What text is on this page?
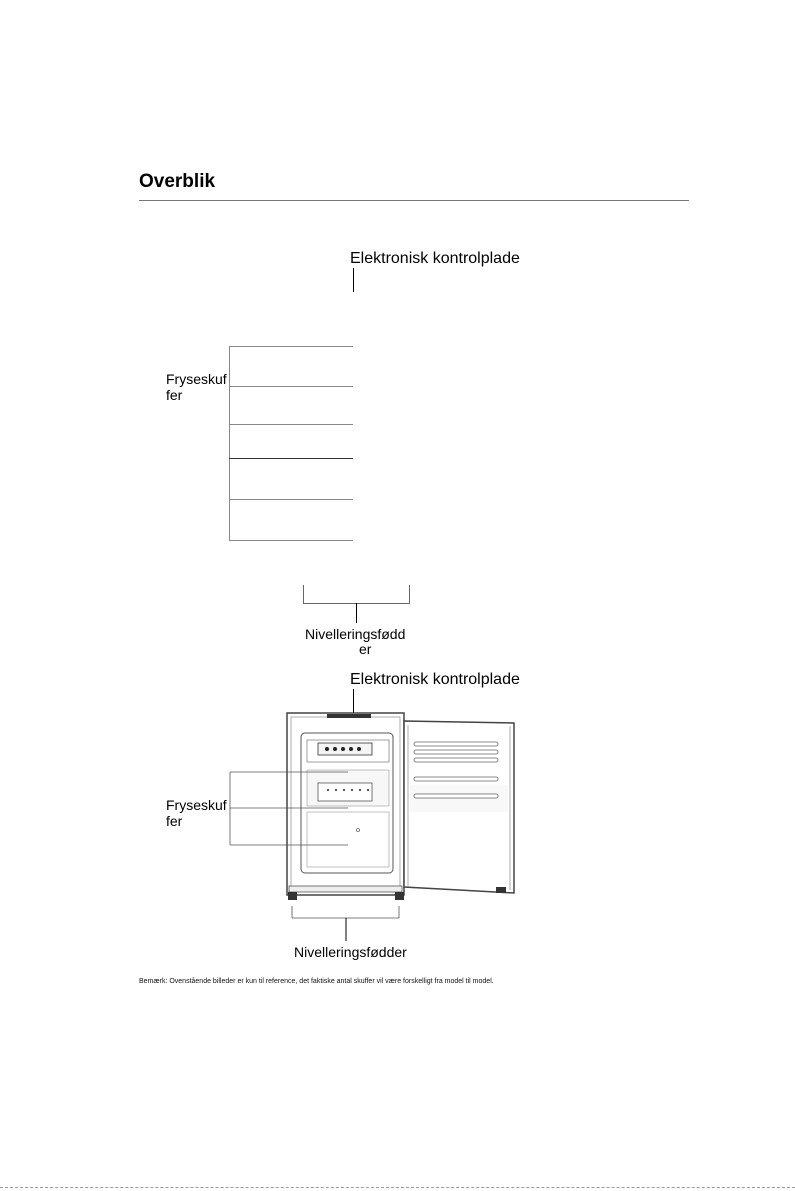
Overblik
Elektronisk kontrolplade
Fryseskuf
fer
Nivelleringsfødd
er
Elektronisk kontrolplade
Fryseskuf
fer
Nivelleringsfødder
Bemærk: Ovenstående billeder er kun til reference, det faktiske antal skuffer vil være forskelligt fra model til model.
